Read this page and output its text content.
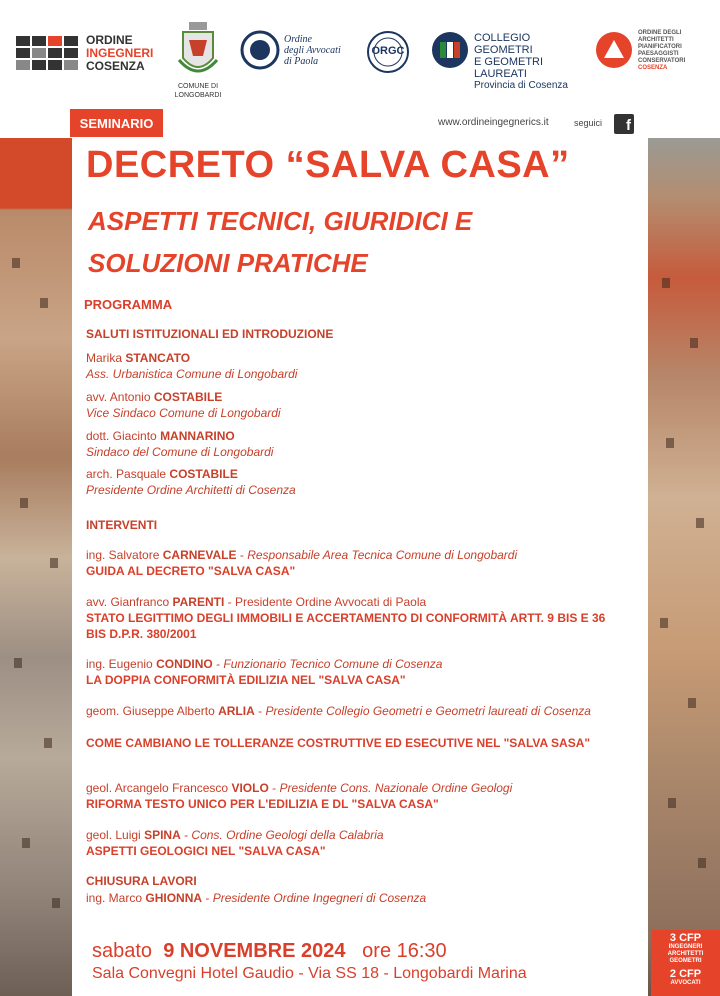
ORDINE
INGEGNERI
COSENZA
COMUNE DI
LONGOBARDI
Ordine
degli Avvocati
di Paola
ORGC
COLLEGIO GEOMETRI
E GEOMETRI LAUREATI
Provincia di Cosenza
ORDINE DEGLI
ARCHITETTI
PIANIFICATORI
PAESAGGISTI
CONSERVATORI
COSENZA
SEMINARIO	www.ordineingegnerics.it	seguici	f
DECRETO “SALVA CASA”
ASPETTI TECNICI, GIURIDICI E
SOLUZIONI PRATICHE
PROGRAMMA
SALUTI ISTITUZIONALI ED INTRODUZIONE
Marika STANCATO
Ass. Urbanistica Comune di Longobardi
avv. Antonio COSTABILE
Vice Sindaco Comune di Longobardi
dott. Giacinto MANNARINO
Sindaco del Comune di Longobardi
arch. Pasquale COSTABILE
Presidente Ordine Architetti di Cosenza
INTERVENTI
ing. Salvatore CARNEVALE - Responsabile Area Tecnica Comune di Longobardi
GUIDA AL DECRETO "SALVA CASA"
avv. Gianfranco PARENTI - Presidente Ordine Avvocati di Paola
STATO LEGITTIMO DEGLI IMMOBILI E ACCERTAMENTO DI CONFORMITÀ ARTT. 9 BIS E 36 BIS D.P.R. 380/2001
ing. Eugenio CONDINO - Funzionario Tecnico Comune di Cosenza
LA DOPPIA CONFORMITÀ EDILIZIA NEL "SALVA CASA"
geom. Giuseppe Alberto ARLIA - Presidente Collegio Geometri e Geometri laureati di Cosenza
COME CAMBIANO LE TOLLERANZE COSTRUTTIVE ED ESECUTIVE NEL "SALVA SASA"
geol. Arcangelo Francesco VIOLO - Presidente Cons. Nazionale Ordine Geologi
RIFORMA TESTO UNICO PER L'EDILIZIA E DL "SALVA CASA"
geol. Luigi SPINA - Cons. Ordine Geologi della Calabria
ASPETTI GEOLOGICI NEL "SALVA CASA"
CHIUSURA LAVORI
ing. Marco GHIONNA - Presidente Ordine Ingegneri di Cosenza
sabato 9 NOVEMBRE 2024 ore 16:30
Sala Convegni Hotel Gaudio - Via SS 18 - Longobardi Marina
3 CFP
INGEGNERI
ARCHITETTI
GEOMETRI
2 CFP
AVVOCATI
